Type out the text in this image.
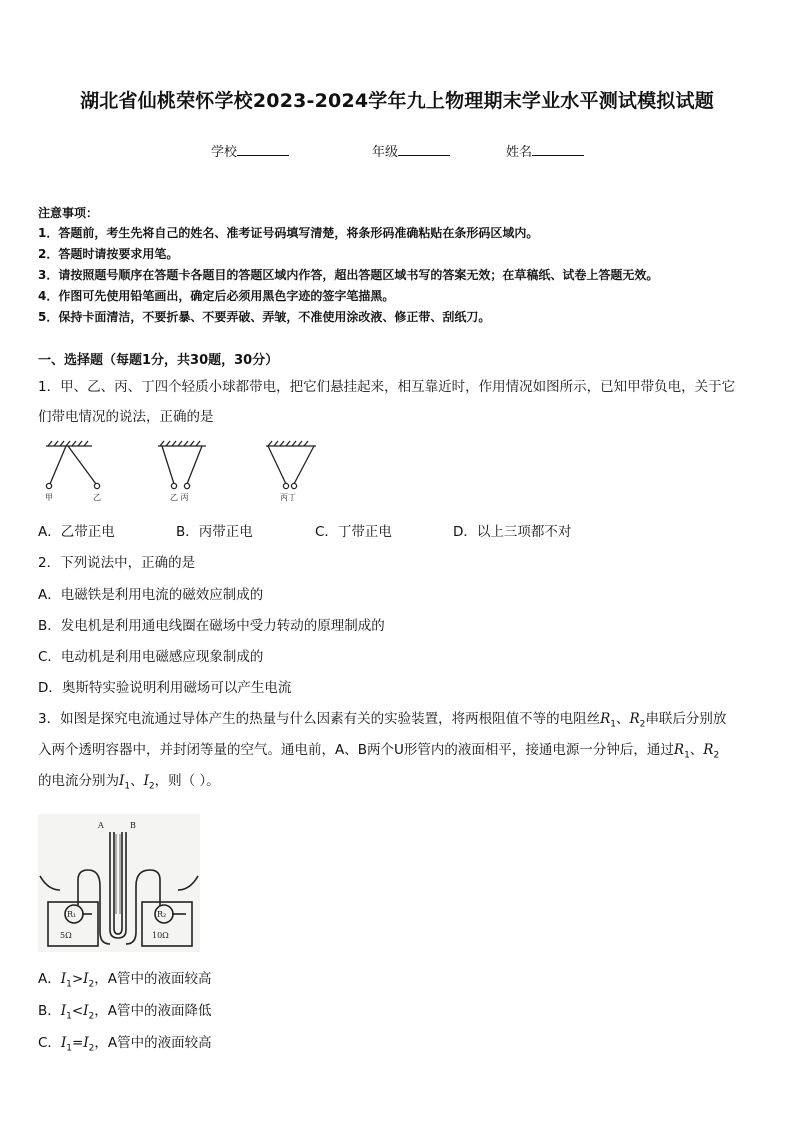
湖北省仙桃荣怀学校2023-2024学年九上物理期末学业水平测试模拟试题
学校	年级	姓名
注意事项：
1．答题前，考生先将自己的姓名、准考证号码填写清楚，将条形码准确粘贴在条形码区域内。
2．答题时请按要求用笔。
3．请按照题号顺序在答题卡各题目的答题区域内作答，超出答题区域书写的答案无效；在草稿纸、试卷上答题无效。
4．作图可先使用铅笔画出，确定后必须用黑色字迹的签字笔描黑。
5．保持卡面清洁，不要折暴、不要弄破、弄皱，不准使用涂改液、修正带、刮纸刀。
一、选择题（每题1分，共30题，30分）
1．甲、乙、丙、丁四个轻质小球都带电，把它们悬挂起来，相互靠近时，作用情况如图所示，已知甲带负电，关于它
们带电情况的说法，正确的是
甲	乙	乙 丙	丙丁
A．乙带正电	B．丙带正电	C．丁带正电	D．以上三项都不对
2．下列说法中，正确的是
A．电磁铁是利用电流的磁效应制成的
B．发电机是利用通电线圈在磁场中受力转动的原理制成的
C．电动机是利用电磁感应现象制成的
D．奥斯特实验说明利用磁场可以产生电流
3．如图是探究电流通过导体产生的热量与什么因素有关的实验装置，将两根阻值不等的电阻丝$R_1$、$R_2$串联后分别放
入两个透明容器中，并封闭等量的空气。通电前，A、B两个U形管内的液面相平，接通电源一分钟后，通过$R_1$、$R_2$
的电流分别为$I_1$、$I_2$，则（ ）。
A	B
R₁	R₂
5Ω	10Ω
A．$I_1>I_2$，A管中的液面较高
B．$I_1<I_2$，A管中的液面降低
C．$I_1=I_2$，A管中的液面较高
